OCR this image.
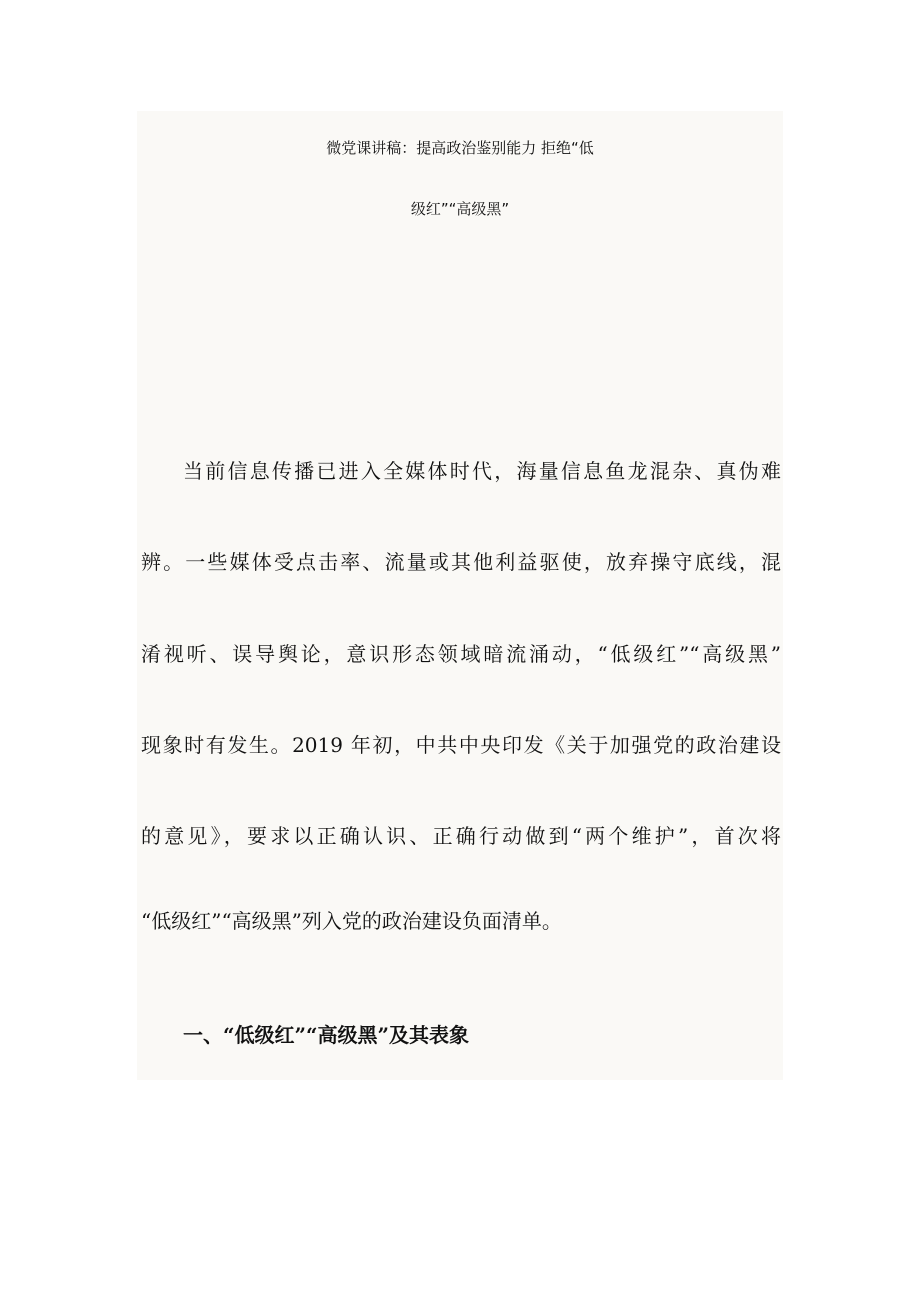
微党课讲稿：提高政治鉴别能力 拒绝“低
级红”“高级黑”
当前信息传播已进入全媒体时代，海量信息鱼龙混杂、真伪难
辨。一些媒体受点击率、流量或其他利益驱使，放弃操守底线，混
淆视听、误导舆论，意识形态领域暗流涌动，“低级红”“高级黑”
现象时有发生。2019 年初，中共中央印发《关于加强党的政治建设
的意见》，要求以正确认识、正确行动做到“两个维护”，首次将
“低级红”“高级黑”列入党的政治建设负面清单。
一、“低级红”“高级黑”及其表象
